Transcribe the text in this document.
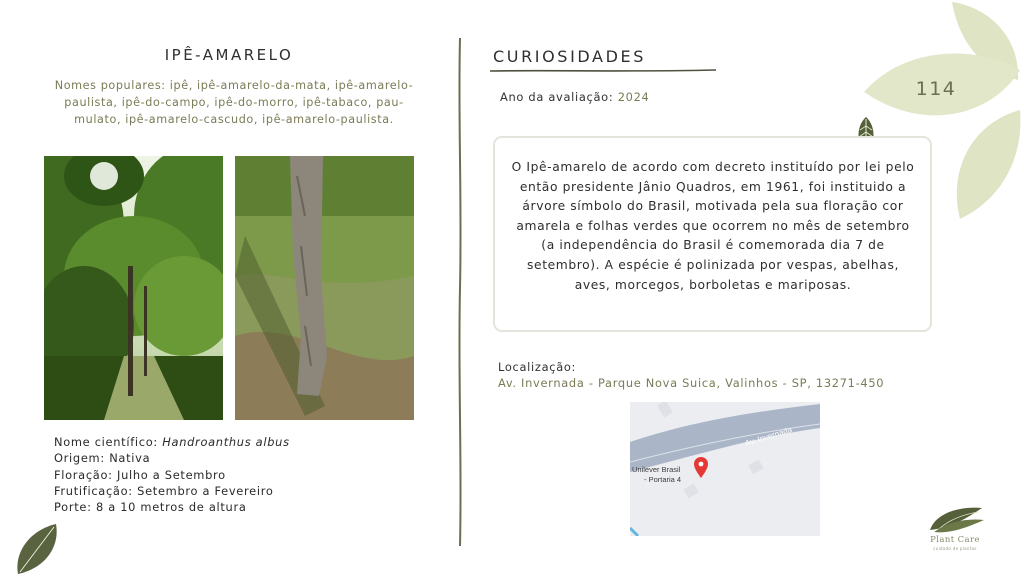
114
IPÊ-AMARELO
Nomes populares: ipê, ipê-amarelo-da-mata, ipê-amarelo-paulista, ipê-do-campo, ipê-do-morro, ipê-tabaco, pau-mulato, ipê-amarelo-cascudo, ipê-amarelo-paulista.
Nome científico: Handroanthus albus
Origem: Nativa
Floração: Julho a Setembro
Frutificação: Setembro a Fevereiro
Porte: 8 a 10 metros de altura
CURIOSIDADES
Ano da avaliação: 2024
O Ipê-amarelo de acordo com decreto instituído por lei pelo então presidente Jânio Quadros, em 1961, foi instituido a árvore símbolo do Brasil, motivada pela sua floração cor amarela e folhas verdes que ocorrem no mês de setembro (a independência do Brasil é comemorada dia 7 de setembro). A espécie é polinizada por vespas, abelhas, aves, morcegos, borboletas e mariposas.
Localização:
Av. Invernada - Parque Nova Suica, Valinhos - SP, 13271-450
Av. Invernada
Unilever Brasil
- Portaria 4
Plant Care
cuidado de plantas
